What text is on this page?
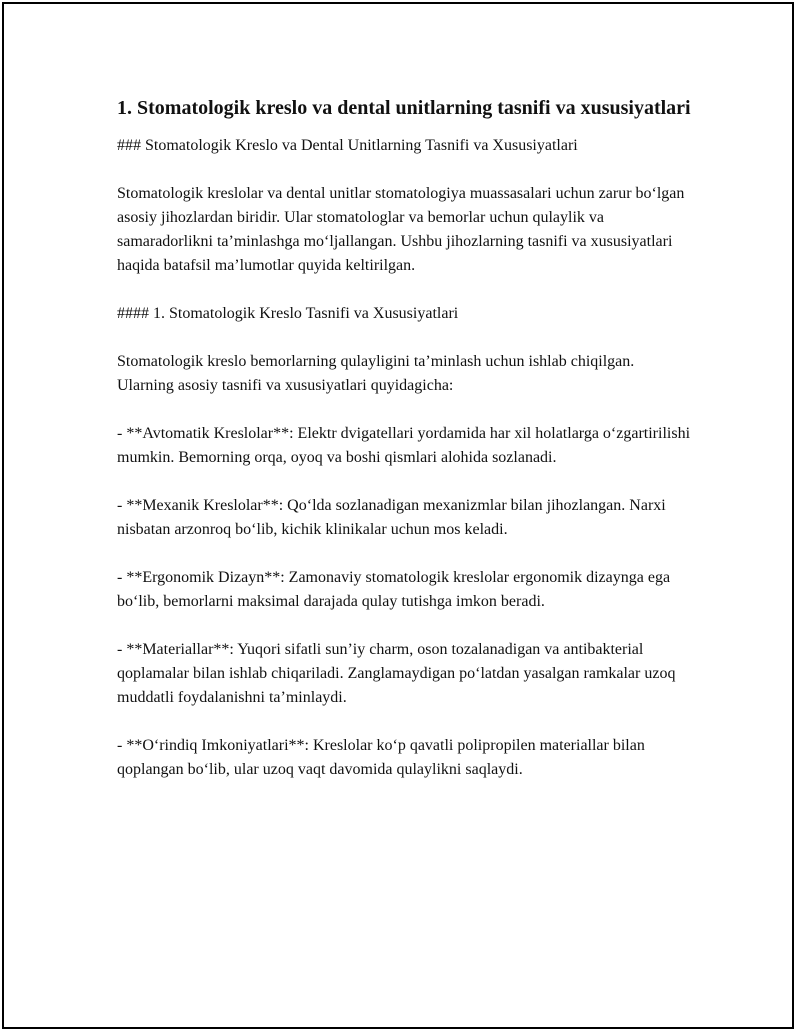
1. Stomatologik kreslo va dental unitlarning tasnifi va xususiyatlari

### Stomatologik Kreslo va Dental Unitlarning Tasnifi va Xususiyatlari

Stomatologik kreslolar va dental unitlar stomatologiya muassasalari uchun zarur bo‘lgan asosiy jihozlardan biridir. Ular stomatologlar va bemorlar uchun qulaylik va samaradorlikni ta’minlashga mo‘ljallangan. Ushbu jihozlarning tasnifi va xususiyatlari haqida batafsil ma’lumotlar quyida keltirilgan.

#### 1. Stomatologik Kreslo Tasnifi va Xususiyatlari

Stomatologik kreslo bemorlarning qulayligini ta’minlash uchun ishlab chiqilgan. Ularning asosiy tasnifi va xususiyatlari quyidagicha:

- **Avtomatik Kreslolar**: Elektr dvigatellari yordamida har xil holatlarga o‘zgartirilishi mumkin. Bemorning orqa, oyoq va boshi qismlari alohida sozlanadi.

- **Mexanik Kreslolar**: Qo‘lda sozlanadigan mexanizmlar bilan jihozlangan. Narxi nisbatan arzonroq bo‘lib, kichik klinikalar uchun mos keladi.

- **Ergonomik Dizayn**: Zamonaviy stomatologik kreslolar ergonomik dizaynga ega bo‘lib, bemorlarni maksimal darajada qulay tutishga imkon beradi.

- **Materiallar**: Yuqori sifatli sun’iy charm, oson tozalanadigan va antibakterial qoplamalar bilan ishlab chiqariladi. Zanglamaydigan po‘latdan yasalgan ramkalar uzoq muddatli foydalanishni ta’minlaydi.

- **O‘rindiq Imkoniyatlari**: Kreslolar ko‘p qavatli polipropilen materiallar bilan qoplangan bo‘lib, ular uzoq vaqt davomida qulaylikni saqlaydi.
